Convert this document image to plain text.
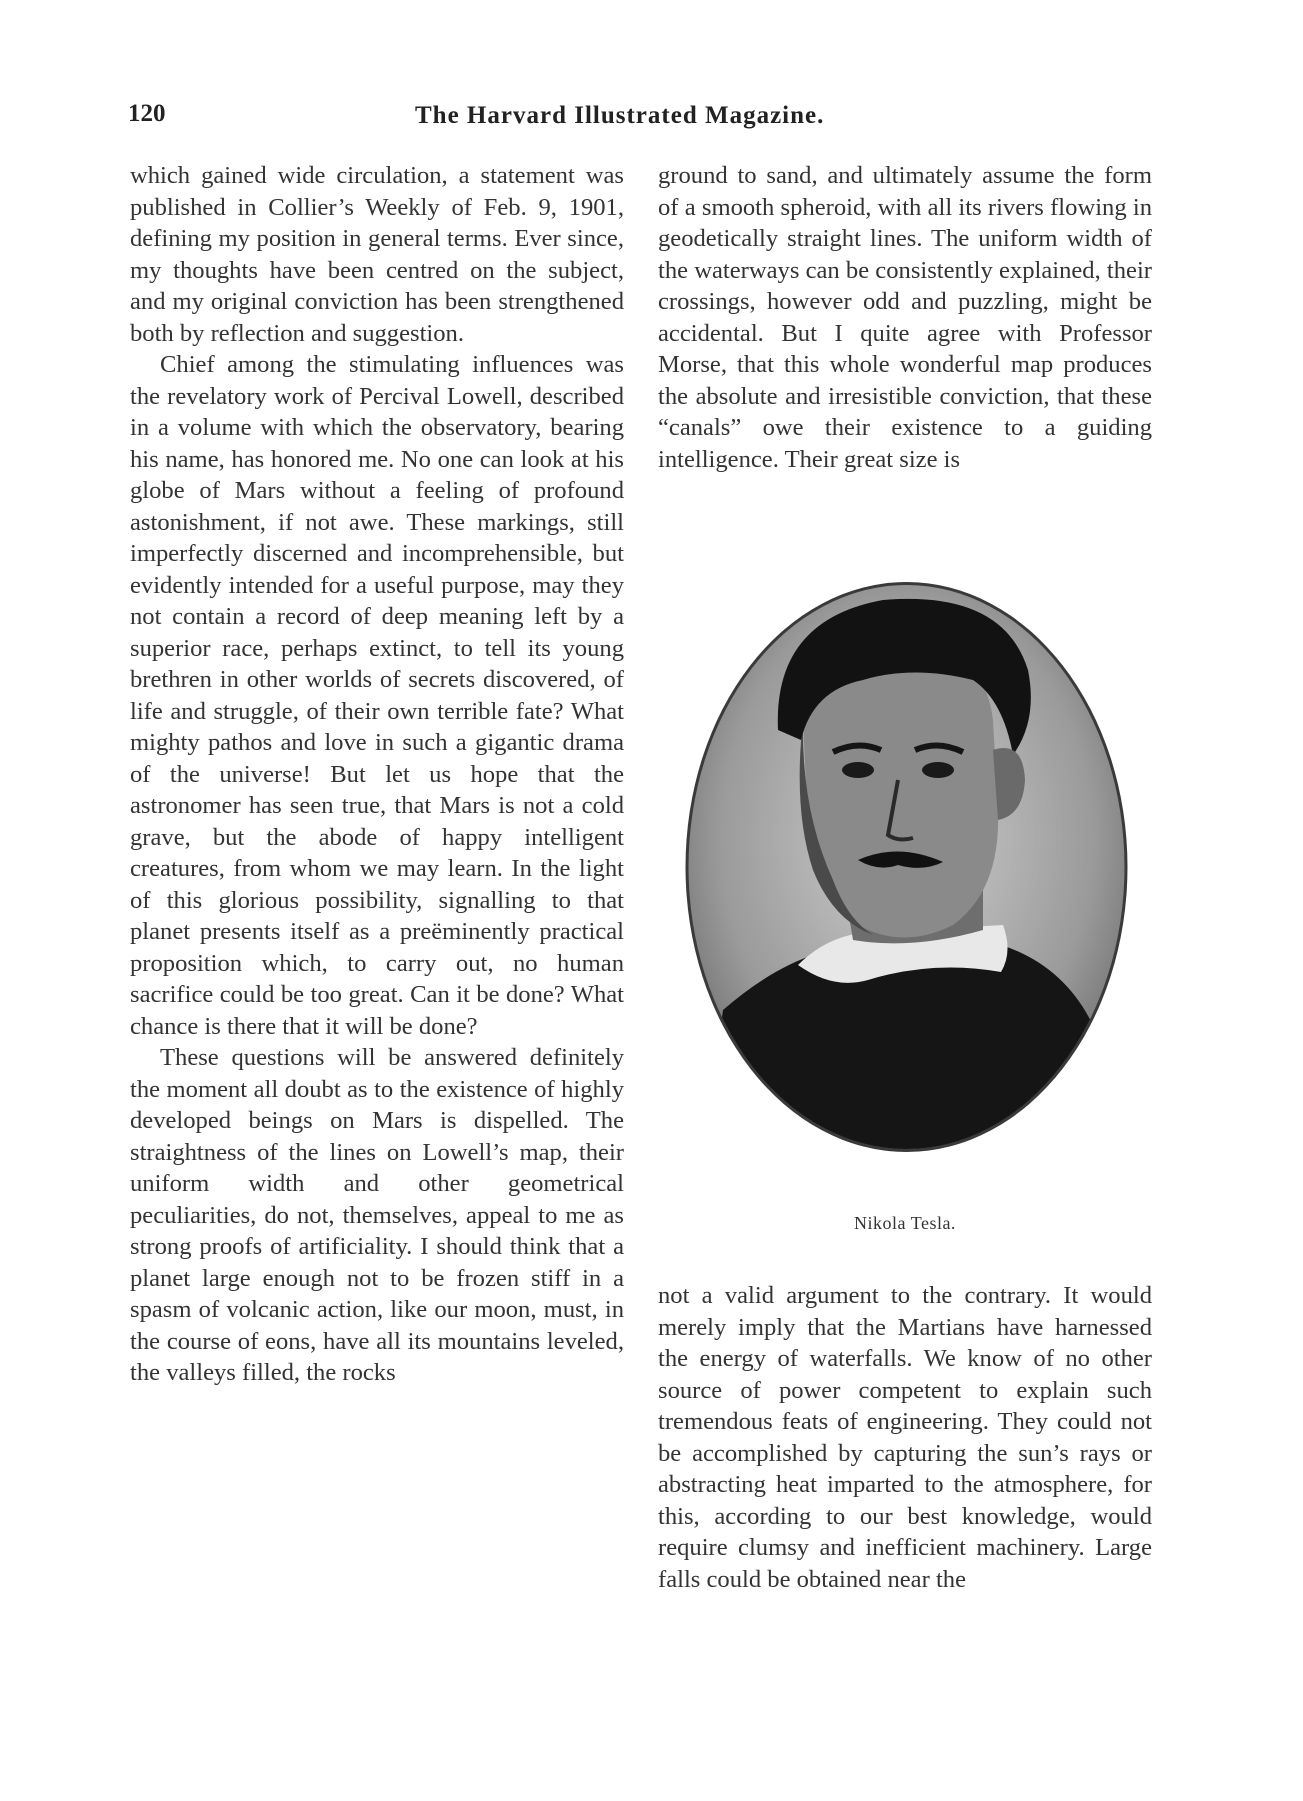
120	The Harvard Illustrated Magazine.

which gained wide circulation, a statement was published in Collier’s Weekly of Feb. 9, 1901, defining my position in general terms. Ever since, my thoughts have been centred on the subject, and my original conviction has been strengthened both by reflection and suggestion.

Chief among the stimulating influences was the revelatory work of Percival Lowell, described in a volume with which the observatory, bearing his name, has honored me. No one can look at his globe of Mars without a feeling of profound astonishment, if not awe. These markings, still imperfectly discerned and incomprehensible, but evidently intended for a useful purpose, may they not contain a record of deep meaning left by a superior race, perhaps extinct, to tell its young brethren in other worlds of secrets discovered, of life and struggle, of their own terrible fate? What mighty pathos and love in such a gigantic drama of the universe! But let us hope that the astronomer has seen true, that Mars is not a cold grave, but the abode of happy intelligent creatures, from whom we may learn. In the light of this glorious possibility, signalling to that planet presents itself as a preëminently practical proposition which, to carry out, no human sacrifice could be too great. Can it be done? What chance is there that it will be done?

These questions will be answered definitely the moment all doubt as to the existence of highly developed beings on Mars is dispelled. The straightness of the lines on Lowell’s map, their uniform width and other geometrical peculiarities, do not, themselves, appeal to me as strong proofs of artificiality. I should think that a planet large enough not to be frozen stiff in a spasm of volcanic action, like our moon, must, in the course of eons, have all its mountains leveled, the valleys filled, the rocks

ground to sand, and ultimately assume the form of a smooth spheroid, with all its rivers flowing in geodetically straight lines. The uniform width of the waterways can be consistently explained, their crossings, however odd and puzzling, might be accidental. But I quite agree with Professor Morse, that this whole wonderful map produces the absolute and irresistible conviction, that these “canals” owe their existence to a guiding intelligence. Their great size is

Nikola Tesla.

not a valid argument to the contrary. It would merely imply that the Martians have harnessed the energy of waterfalls. We know of no other source of power competent to explain such tremendous feats of engineering. They could not be accomplished by capturing the sun’s rays or abstracting heat imparted to the atmosphere, for this, according to our best knowledge, would require clumsy and inefficient machinery. Large falls could be obtained near the
